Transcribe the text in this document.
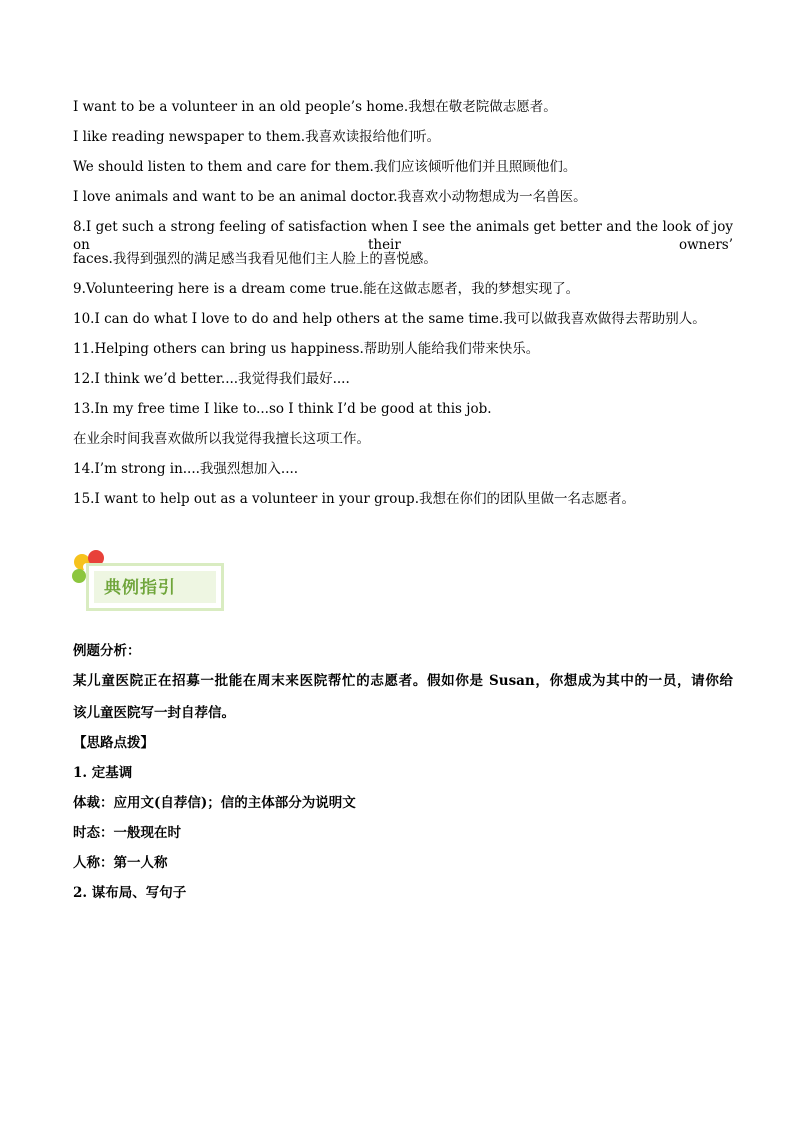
I want to be a volunteer in an old people’s home.我想在敬老院做志愿者。
I like reading newspaper to them.我喜欢读报给他们听。
We should listen to them and care for them.我们应该倾听他们并且照顾他们。
I love animals and want to be an animal doctor.我喜欢小动物想成为一名兽医。
8.I get such a strong feeling of satisfaction when I see the animals get better and the look of joy on their owners’
faces.我得到强烈的满足感当我看见他们主人脸上的喜悦感。
9.Volunteering here is a dream come true.能在这做志愿者，我的梦想实现了。
10.I can do what I love to do and help others at the same time.我可以做我喜欢做得去帮助别人。
11.Helping others can bring us happiness.帮助别人能给我们带来快乐。
12.I think we’d better....我觉得我们最好....
13.In my free time I like to...so I think I’d be good at this job.
在业余时间我喜欢做所以我觉得我擅长这项工作。
14.I’m strong in....我强烈想加入....
15.I want to help out as a volunteer in your group.我想在你们的团队里做一名志愿者。
典例指引
例题分析：
某儿童医院正在招募一批能在周末来医院帮忙的志愿者。假如你是 Susan，你想成为其中的一员，请你给
该儿童医院写一封自荐信。
【思路点拨】
1. 定基调
体裁：应用文(自荐信)；信的主体部分为说明文
时态：一般现在时
人称：第一人称
2. 谋布局、写句子
